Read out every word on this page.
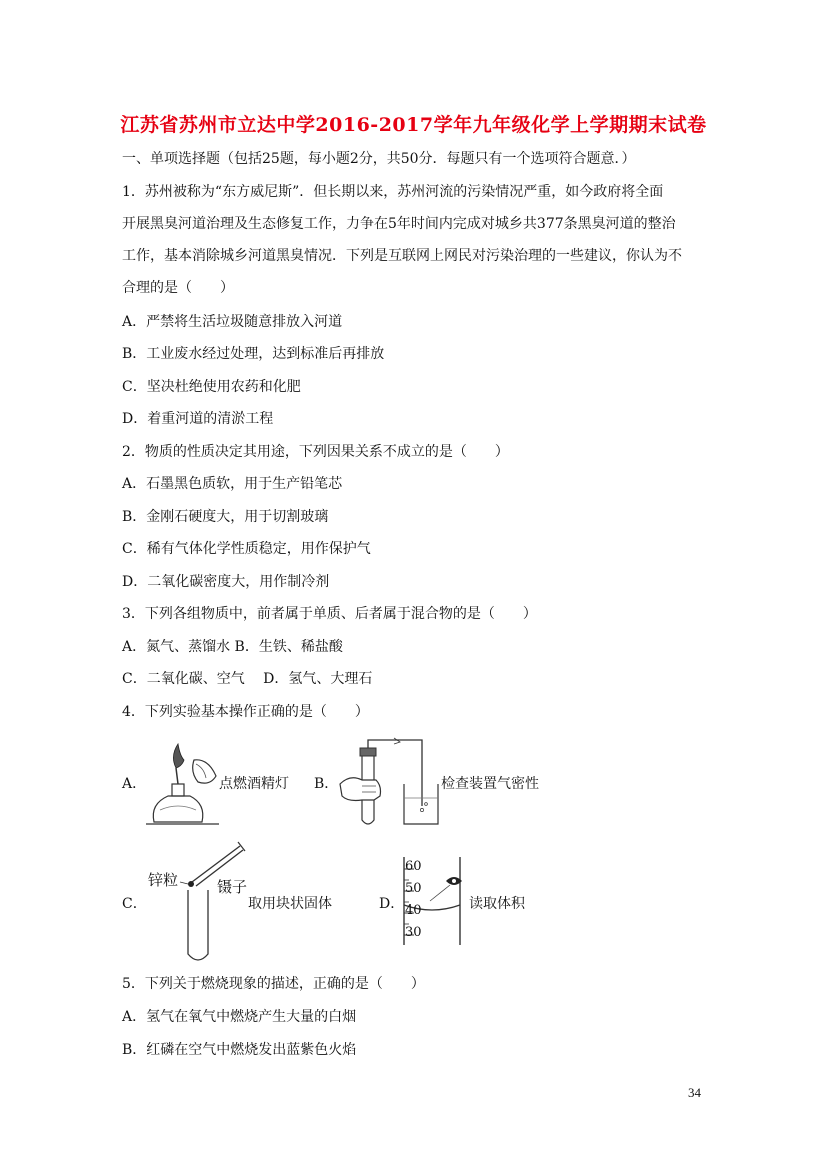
江苏省苏州市立达中学2016-2017学年九年级化学上学期期末试卷
一、单项选择题（包括25题，每小题2分，共50分．每题只有一个选项符合题意．）
1．苏州被称为“东方威尼斯”．但长期以来，苏州河流的污染情况严重，如今政府将全面
开展黑臭河道治理及生态修复工作，力争在5年时间内完成对城乡共377条黑臭河道的整治
工作，基本消除城乡河道黑臭情况．下列是互联网上网民对污染治理的一些建议，你认为不
合理的是（　　）
A．严禁将生活垃圾随意排放入河道
B．工业废水经过处理，达到标准后再排放
C．坚决杜绝使用农药和化肥
D．着重河道的清淤工程
2．物质的性质决定其用途，下列因果关系不成立的是（　　）
A．石墨黑色质软，用于生产铅笔芯
B．金刚石硬度大，用于切割玻璃
C．稀有气体化学性质稳定，用作保护气
D．二氧化碳密度大，用作制冷剂
3．下列各组物质中，前者属于单质、后者属于混合物的是（　　）
A．氮气、蒸馏水 B．生铁、稀盐酸
C．二氧化碳、空气　 D．氢气、大理石
4．下列实验基本操作正确的是（　　）
A．	点燃酒精灯 B．	检查装置气密性
C．
锌粒	镊子
取用块状固体	D．
60
50
40
30
读取体积
5．下列关于燃烧现象的描述，正确的是（　　）
A．氢气在氧气中燃烧产生大量的白烟
B．红磷在空气中燃烧发出蓝紫色火焰
34
